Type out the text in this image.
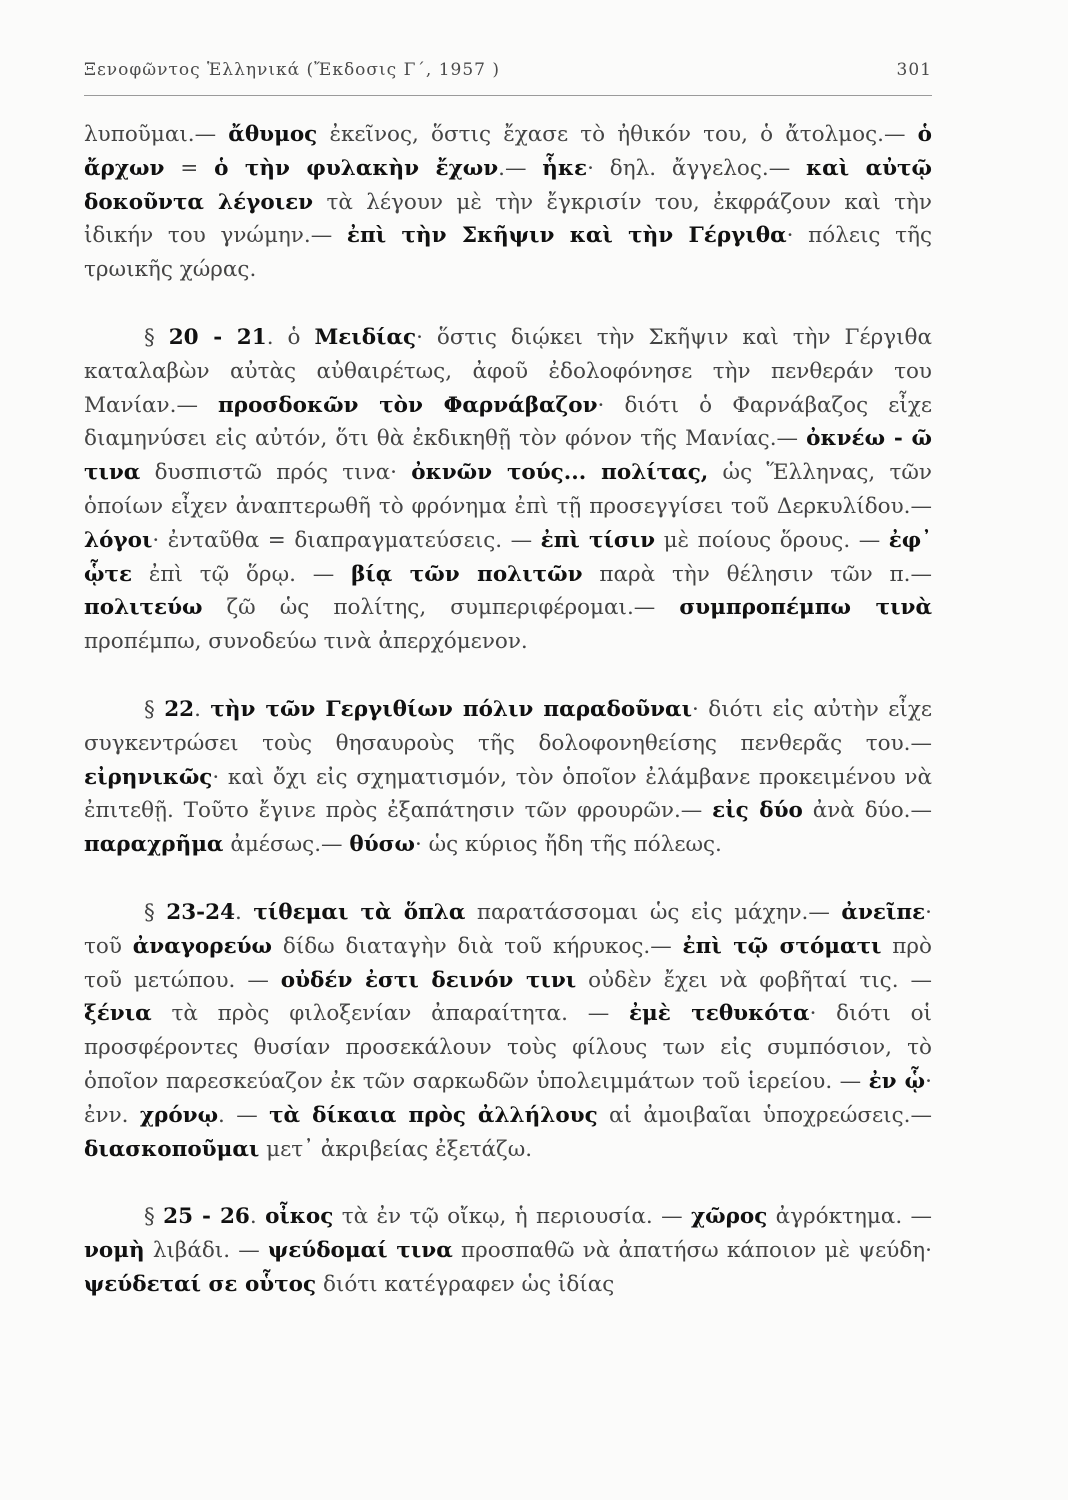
Ξενοφῶντος Ἑλληνικά (Ἔκδοσις Γ΄, 1957 )	301

λυποῦμαι.— ἄθυμος ἐκεῖνος, ὅστις ἔχασε τὸ ἠθικόν του, ὁ ἄτολμος.— ὁ ἄρχων = ὁ τὴν φυλακὴν ἔχων.— ἧκε· δηλ. ἄγγελος.— καὶ αὐτῷ δοκοῦντα λέγοιεν τὰ λέγουν μὲ τὴν ἔγκρισίν του, ἐκφράζουν καὶ τὴν ἰδικήν του γνώμην.— ἐπὶ τὴν Σκῆψιν καὶ τὴν Γέργιθα· πόλεις τῆς τρωικῆς χώρας.

§ 20 - 21. ὁ Μειδίας· ὅστις διῴκει τὴν Σκῆψιν καὶ τὴν Γέργιθα καταλαβὼν αὐτὰς αὐθαιρέτως, ἀφοῦ ἐδολοφόνησε τὴν πενθεράν του Μανίαν.— προσδοκῶν τὸν Φαρνάβαζον· διότι ὁ Φαρνάβαζος εἶχε διαμηνύσει εἰς αὐτόν, ὅτι θὰ ἐκδικηθῇ τὸν φόνον τῆς Μανίας.— ὀκνέω - ῶ τινα δυσπιστῶ πρός τινα· ὀκνῶν τούς... πολίτας, ὡς Ἕλληνας, τῶν ὁποίων εἶχεν ἀναπτερωθῆ τὸ φρόνημα ἐπὶ τῇ προσεγγίσει τοῦ Δερκυλίδου.— λόγοι· ἐνταῦθα = διαπραγματεύσεις. — ἐπὶ τίσιν μὲ ποίους ὅρους. — ἐφ᾽ ᾧτε ἐπὶ τῷ ὅρῳ. — βίᾳ τῶν πολιτῶν παρὰ τὴν θέλησιν τῶν π.— πολιτεύω ζῶ ὡς πολίτης, συμπεριφέρομαι.— συμπροπέμπω τινὰ προπέμπω, συνοδεύω τινὰ ἀπερχόμενον.

§ 22. τὴν τῶν Γεργιθίων πόλιν παραδοῦναι· διότι εἰς αὐτὴν εἶχε συγκεντρώσει τοὺς θησαυροὺς τῆς δολοφονηθείσης πενθερᾶς του.— εἰρηνικῶς· καὶ ὄχι εἰς σχηματισμόν, τὸν ὁποῖον ἐλάμβανε προκειμένου νὰ ἐπιτεθῇ. Τοῦτο ἔγινε πρὸς ἐξαπάτησιν τῶν φρουρῶν.— εἰς δύο ἀνὰ δύο.— παραχρῆμα ἀμέσως.— θύσω· ὡς κύριος ἤδη τῆς πόλεως.

§ 23-24. τίθεμαι τὰ ὅπλα παρατάσσομαι ὡς εἰς μάχην.— ἀνεῖπε· τοῦ ἀναγορεύω δίδω διαταγὴν διὰ τοῦ κήρυκος.— ἐπὶ τῷ στόματι πρὸ τοῦ μετώπου. — οὐδέν ἐστι δεινόν τινι οὐδὲν ἔχει νὰ φοβῆταί τις. — ξένια τὰ πρὸς φιλοξενίαν ἀπαραίτητα. — ἐμὲ τεθυκότα· διότι οἱ προσφέροντες θυσίαν προσεκάλουν τοὺς φίλους των εἰς συμπόσιον, τὸ ὁποῖον παρεσκεύαζον ἐκ τῶν σαρκωδῶν ὑπολειμμάτων τοῦ ἱερείου. — ἐν ᾧ· ἐνν. χρόνῳ. — τὰ δίκαια πρὸς ἀλλήλους αἱ ἀμοιβαῖαι ὑποχρεώσεις.— διασκοποῦμαι μετ᾽ ἀκριβείας ἐξετάζω.

§ 25 - 26. οἶκος τὰ ἐν τῷ οἴκῳ, ἡ περιουσία. — χῶρος ἀγρόκτημα. — νομὴ λιβάδι. — ψεύδομαί τινα προσπαθῶ νὰ ἀπατήσω κάποιον μὲ ψεύδη· ψεύδεταί σε οὗτος διότι κατέγραφεν ὡς ἰδίας
